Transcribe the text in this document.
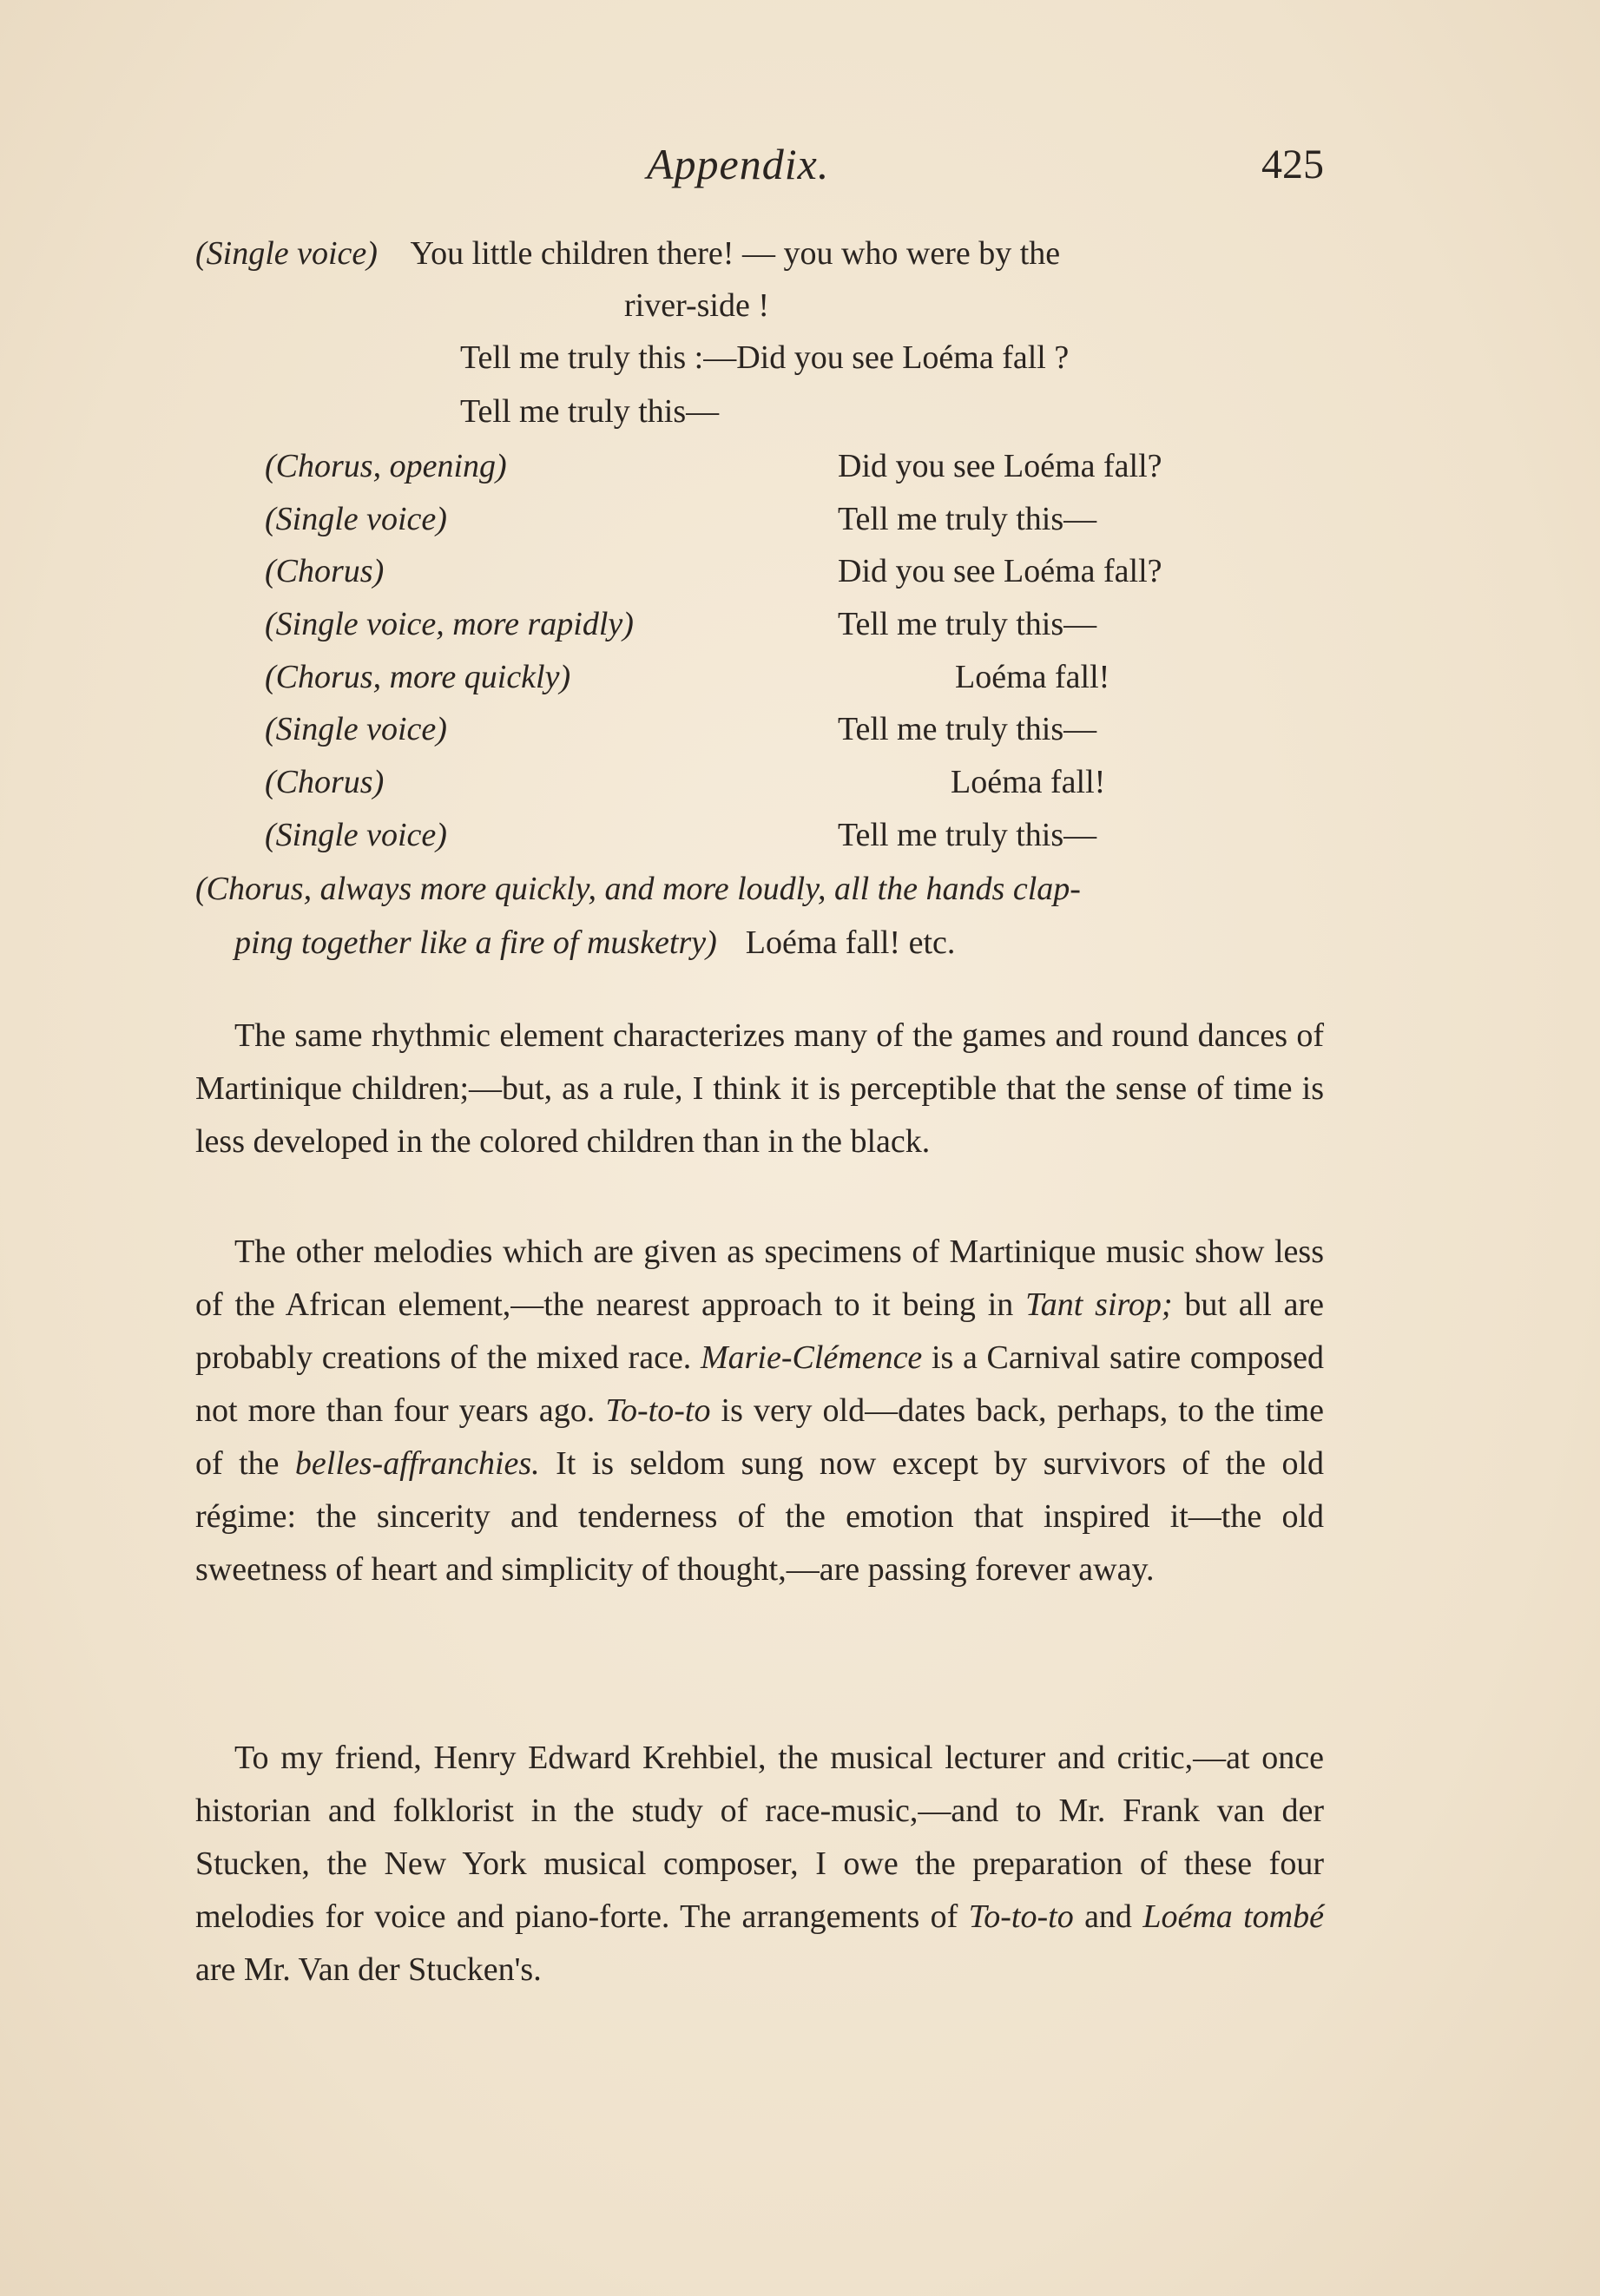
Appendix.	425
(Single voice) You little children there! — you who were by the
river-side !
Tell me truly this :—Did you see Loéma fall ?
Tell me truly this—
(Chorus, opening)	Did you see Loéma fall?
(Single voice)	Tell me truly this—
(Chorus)	Did you see Loéma fall?
(Single voice, more rapidly)	Tell me truly this—
(Chorus, more quickly)	Loéma fall!
(Single voice)	Tell me truly this—
(Chorus)	Loéma fall!
(Single voice)	Tell me truly this—
(Chorus, always more quickly, and more loudly, all the hands clap-
ping together like a fire of musketry) Loéma fall! etc.

The same rhythmic element characterizes many of the games and round dances of Martinique children;—but, as a rule, I think it is perceptible that the sense of time is less developed in the colored children than in the black.

The other melodies which are given as specimens of Martinique music show less of the African element,—the nearest approach to it being in Tant sirop; but all are probably creations of the mixed race. Marie-Clémence is a Carnival satire composed not more than four years ago. To-to-to is very old—dates back, perhaps, to the time of the belles-affranchies. It is seldom sung now except by survivors of the old régime: the sincerity and tenderness of the emotion that inspired it—the old sweetness of heart and simplicity of thought,—are passing forever away.

To my friend, Henry Edward Krehbiel, the musical lecturer and critic,—at once historian and folklorist in the study of race-music,—and to Mr. Frank van der Stucken, the New York musical composer, I owe the preparation of these four melodies for voice and piano-forte. The arrangements of To-to-to and Loéma tombé are Mr. Van der Stucken's.
